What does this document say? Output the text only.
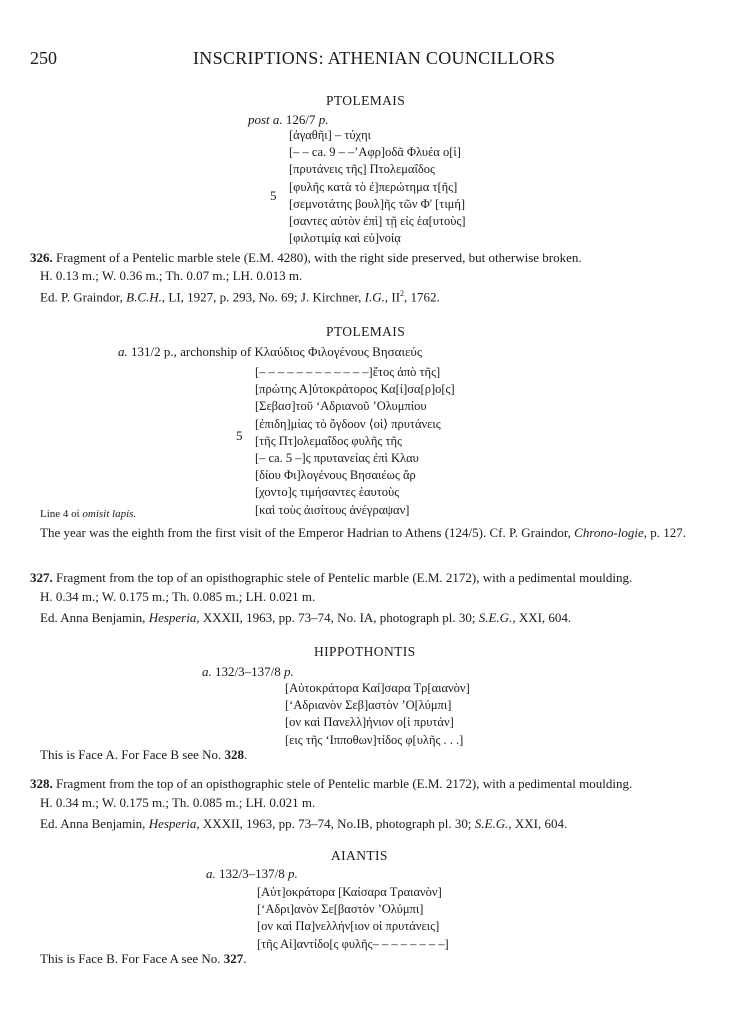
250	INSCRIPTIONS: ATHENIAN COUNCILLORS
PTOLEMAIS
post a. 126/7 p.
5
[ἀγαθῆι] – τύχηι
[– – ca. 9 – –’Αφρ]οδᾶ Φλυέα ο[ἱ]
[πρυτάνεις τῆς] Πτολεμαΐδος
[φυλῆς κατὰ τὸ ἐ]περώτημα τ[ῆς]
[σεμνοτάτης βουλ]ῆς τῶν Φ' [τιμή]
[σαντες αὐτὸν ἐπὶ] τῇ εἰς ἑα[υτοὺς]
[φιλοτιμίᾳ καὶ εὐ]νοίᾳ
326. Fragment of a Pentelic marble stele (E.M. 4280), with the right side preserved, but otherwise broken.
H. 0.13 m.; W. 0.36 m.; Th. 0.07 m.; LH. 0.013 m.
Ed. P. Graindor, B.C.H., LI, 1927, p. 293, No. 69; J. Kirchner, I.G., $II^2$, 1762.
PTOLEMAIS
a. 131/2 p., archonship of Κλαύδιος Φιλογένους Βησαιεύς
5
[– – – – – – – – – – – –]ἔτος ἀπὸ τῆς]
[πρώτης Α]ὐτοκράτορος Κα[ί]σα[ρ]ο[ς]
[Σεβασ]τοῦ ‘Αδριανοῦ ’Ολυμπίου
[ἐπιδη]μίας τὸ ὄγδοον ⟨οἱ⟩ πρυτάνεις
[τῆς Πτ]ολεμαΐδος φυλῆς τῆς
[– ca. 5 –]ς πρυτανείας ἐπὶ Κλαυ
[δίου Φι]λογένους Βησαιέως ἄρ
[χοντο]ς τιμήσαντες ἑαυτοὺς
[καὶ τοὺς ἀισίτους ἀνέγραψαν]
Line 4 οἱ omisit lapis.
The year was the eighth from the first visit of the Emperor Hadrian to Athens (124/5). Cf. P. Graindor, Chrono-logie, p. 127.
327. Fragment from the top of an opisthographic stele of Pentelic marble (E.M. 2172), with a pedimental moulding.
H. 0.34 m.; W. 0.175 m.; Th. 0.085 m.; LH. 0.021 m.
Ed. Anna Benjamin, Hesperia, XXXII, 1963, pp. 73–74, No. IA, photograph pl. 30; S.E.G., XXI, 604.
HIPPOTHONTIS
a. 132/3–137/8 p.
[Αὐτοκράτορα Καί]σαρα Τρ[αιανὸν]
[‘Αδριανὸν Σεβ]αστὸν ’Ο[λύμπι]
[ον καὶ Πανελλ]ήνιον ο[ἱ πρυτάν]
[εις τῆς ‘Ιπποθων]τίδος φ[υλῆς . . .]
This is Face A. For Face B see No. 328.
328. Fragment from the top of an opisthographic stele of Pentelic marble (E.M. 2172), with a pedimental moulding.
H. 0.34 m.; W. 0.175 m.; Th. 0.085 m.; LH. 0.021 m.
Ed. Anna Benjamin, Hesperia, XXXII, 1963, pp. 73–74, No.IB, photograph pl. 30; S.E.G., XXI, 604.
AIANTIS
a. 132/3–137/8 p.
[Αὐτ]οκράτορα [Καίσαρα Τραιανὸν]
[‘Αδρι]ανὸν Σε[βαστὸν ’Ολύμπι]
[ον καὶ Πα]νελλήν[ιον οἱ πρυτάνεις]
[τῆς Αἰ]αντίδο[ς φυλῆς– – – – – – – –]
This is Face B. For Face A see No. 327.
